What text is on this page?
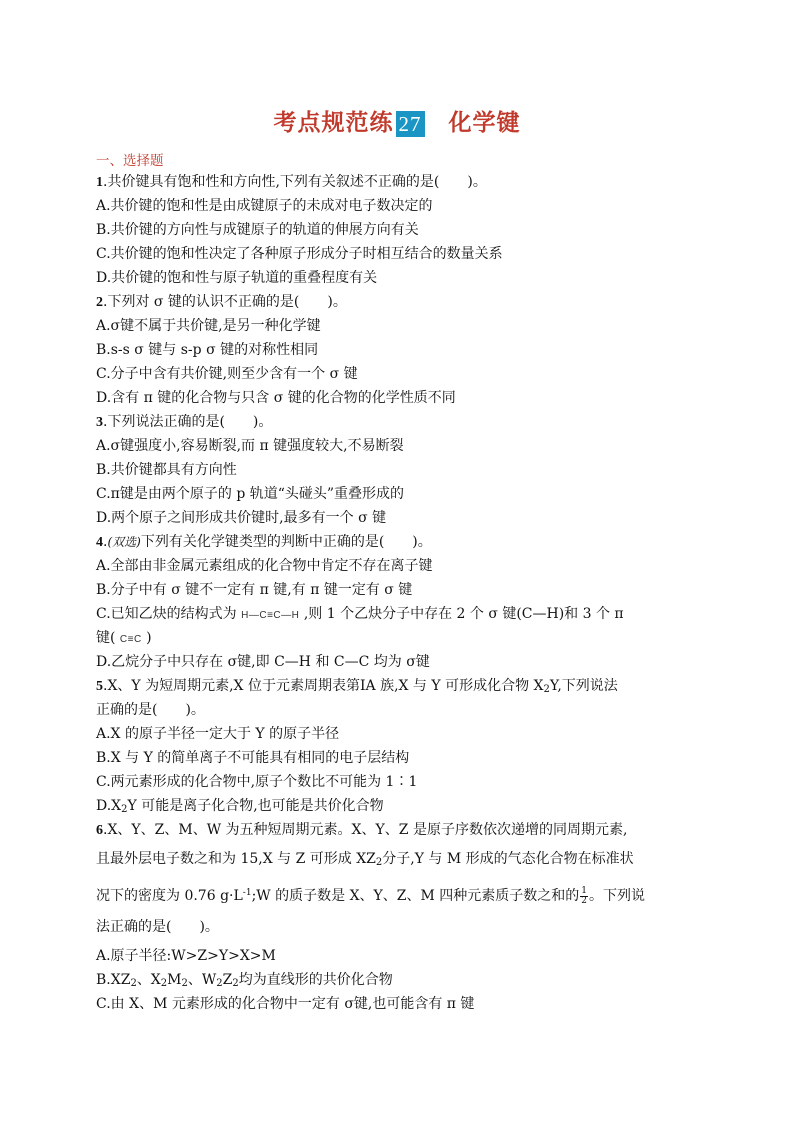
考点规范练 27 化学键
一、选择题
1.共价键具有饱和性和方向性,下列有关叙述不正确的是(　　)。
A.共价键的饱和性是由成键原子的未成对电子数决定的
B.共价键的方向性与成键原子的轨道的伸展方向有关
C.共价键的饱和性决定了各种原子形成分子时相互结合的数量关系
D.共价键的饱和性与原子轨道的重叠程度有关
2.下列对 σ 键的认识不正确的是(　　)。
A.σ键不属于共价键,是另一种化学键
B.s-s σ 键与 s-p σ 键的对称性相同
C.分子中含有共价键,则至少含有一个 σ 键
D.含有 π 键的化合物与只含 σ 键的化合物的化学性质不同
3.下列说法正确的是(　　)。
A.σ键强度小,容易断裂,而 π 键强度较大,不易断裂
B.共价键都具有方向性
C.π键是由两个原子的 p 轨道“头碰头”重叠形成的
D.两个原子之间形成共价键时,最多有一个 σ 键
4.(双选)下列有关化学键类型的判断中正确的是(　　)。
A.全部由非金属元素组成的化合物中肯定不存在离子键
B.分子中有 σ 键不一定有 π 键,有 π 键一定有 σ 键
C.已知乙炔的结构式为 H—C≡C—H ,则 1 个乙炔分子中存在 2 个 σ 键(C—H)和 3 个 π
键( C≡C )
D.乙烷分子中只存在 σ键,即 C—H 和 C—C 均为 σ键
5.X、Y 为短周期元素,X 位于元素周期表第ⅠA 族,X 与 Y 可形成化合物 $X_2Y$,下列说法
正确的是(　　)。
A.X 的原子半径一定大于 Y 的原子半径
B.X 与 Y 的简单离子不可能具有相同的电子层结构
C.两元素形成的化合物中,原子个数比不可能为 1∶1
$D.X_2Y$ 可能是离子化合物,也可能是共价化合物
6.X、Y、Z、M、W 为五种短周期元素。X、Y、Z 是原子序数依次递增的同周期元素,
且最外层电子数之和为 15,X 与 Z 可形成 $XZ_2$分子,Y 与 M 形成的气态化合物在标准状
况下的密度为 0.76 $g\cdot L^{-1};W$ 的质子数是 X、Y、Z、M 四种元素质子数之和的 $\frac{1}{2}$ 。下列说
法正确的是(　　)。
A.原子半径:W>Z>Y>X>M
$B.XZ_2$、$X_2M_2$、$W_2Z_2$均为直线形的共价化合物
C.由 X、M 元素形成的化合物中一定有 σ键,也可能含有 π 键
